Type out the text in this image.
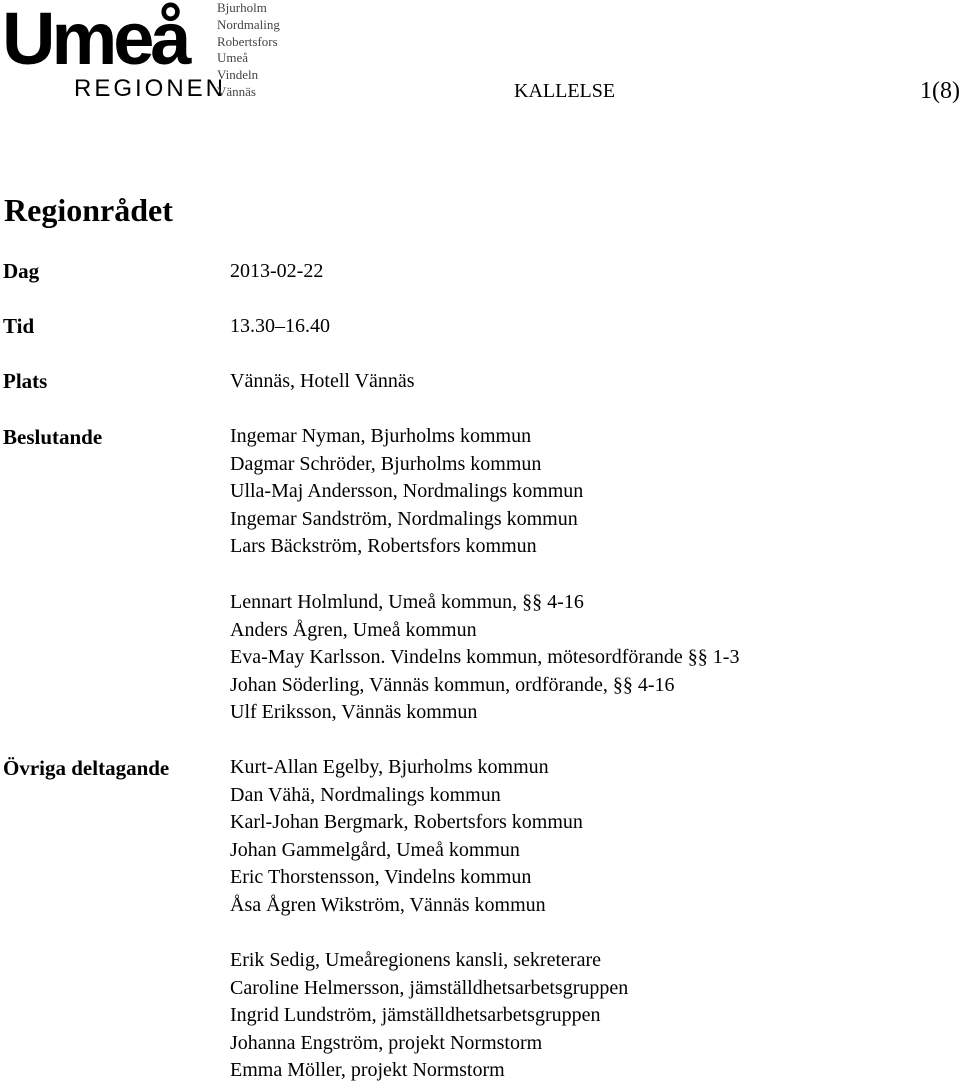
Umeå
REGIONEN
Bjurholm
Nordmaling
Robertsfors
Umeå
Vindeln
Vännäs	KALLELSE	1(8)
Regionrådet
Dag	2013-02-22
Tid	13.30–16.40
Plats	Vännäs, Hotell Vännäs
Beslutande	Ingemar Nyman, Bjurholms kommun
Dagmar Schröder, Bjurholms kommun
Ulla-Maj Andersson, Nordmalings kommun
Ingemar Sandström, Nordmalings kommun
Lars Bäckström, Robertsfors kommun
Lennart Holmlund, Umeå kommun, §§ 4-16
Anders Ågren, Umeå kommun
Eva-May Karlsson. Vindelns kommun, mötesordförande §§ 1-3
Johan Söderling, Vännäs kommun, ordförande, §§ 4-16
Ulf Eriksson, Vännäs kommun
Övriga deltagande	Kurt-Allan Egelby, Bjurholms kommun
Dan Vähä, Nordmalings kommun
Karl-Johan Bergmark, Robertsfors kommun
Johan Gammelgård, Umeå kommun
Eric Thorstensson, Vindelns kommun
Åsa Ågren Wikström, Vännäs kommun
Erik Sedig, Umeåregionens kansli, sekreterare
Caroline Helmersson, jämställdhetsarbetsgruppen
Ingrid Lundström, jämställdhetsarbetsgruppen
Johanna Engström, projekt Normstorm
Emma Möller, projekt Normstorm
